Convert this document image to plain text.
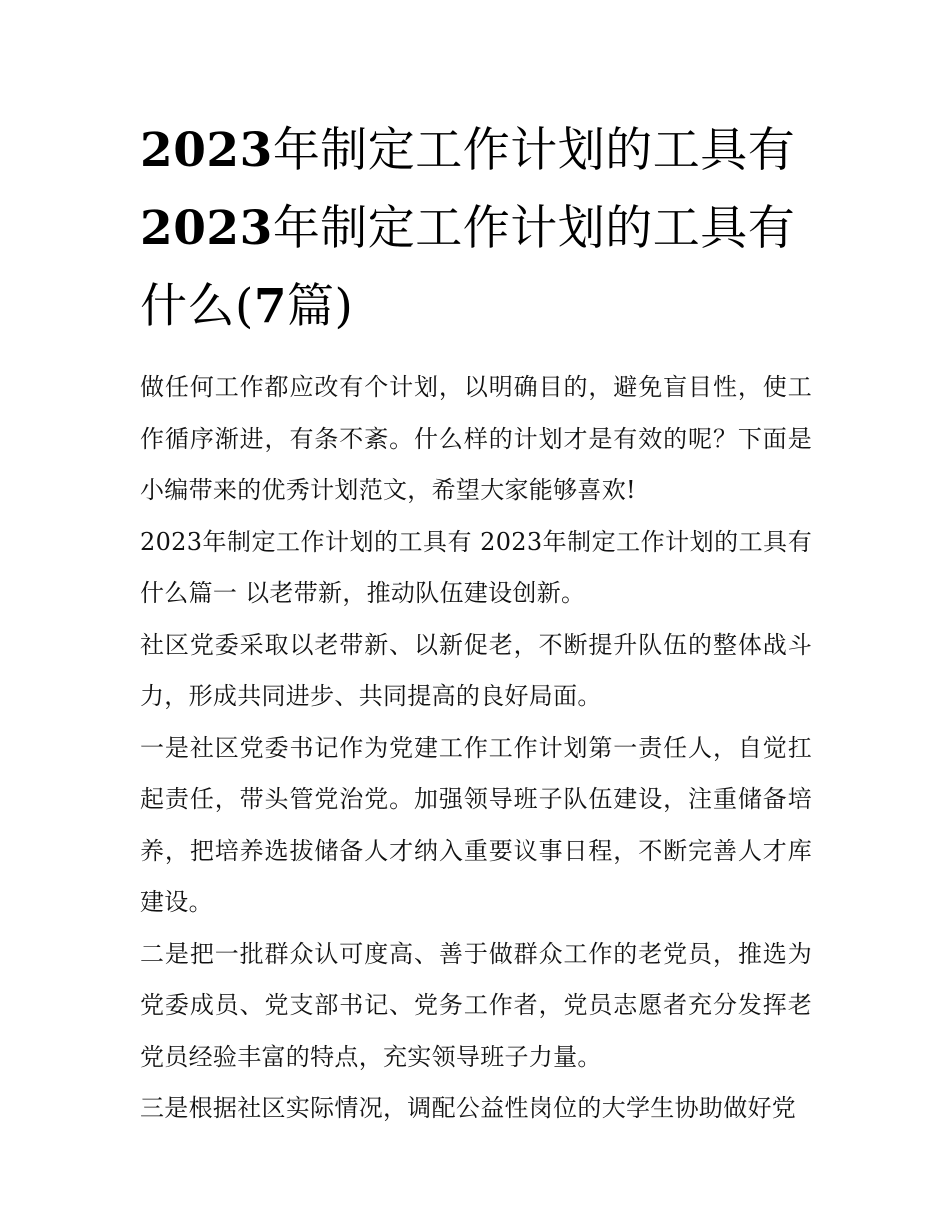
2023年制定工作计划的工具有
2023年制定工作计划的工具有什么(7篇)

做任何工作都应改有个计划，以明确目的，避免盲目性，使工作循序渐进，有条不紊。什么样的计划才是有效的呢？下面是小编带来的优秀计划范文，希望大家能够喜欢!

2023年制定工作计划的工具有 2023年制定工作计划的工具有什么篇一 以老带新，推动队伍建设创新。

社区党委采取以老带新、以新促老，不断提升队伍的整体战斗力，形成共同进步、共同提高的良好局面。

一是社区党委书记作为党建工作工作计划第一责任人，自觉扛起责任，带头管党治党。加强领导班子队伍建设，注重储备培养，把培养选拔储备人才纳入重要议事日程，不断完善人才库建设。

二是把一批群众认可度高、善于做群众工作的老党员，推选为党委成员、党支部书记、党务工作者，党员志愿者充分发挥老党员经验丰富的特点，充实领导班子力量。

三是根据社区实际情况，调配公益性岗位的大学生协助做好党
